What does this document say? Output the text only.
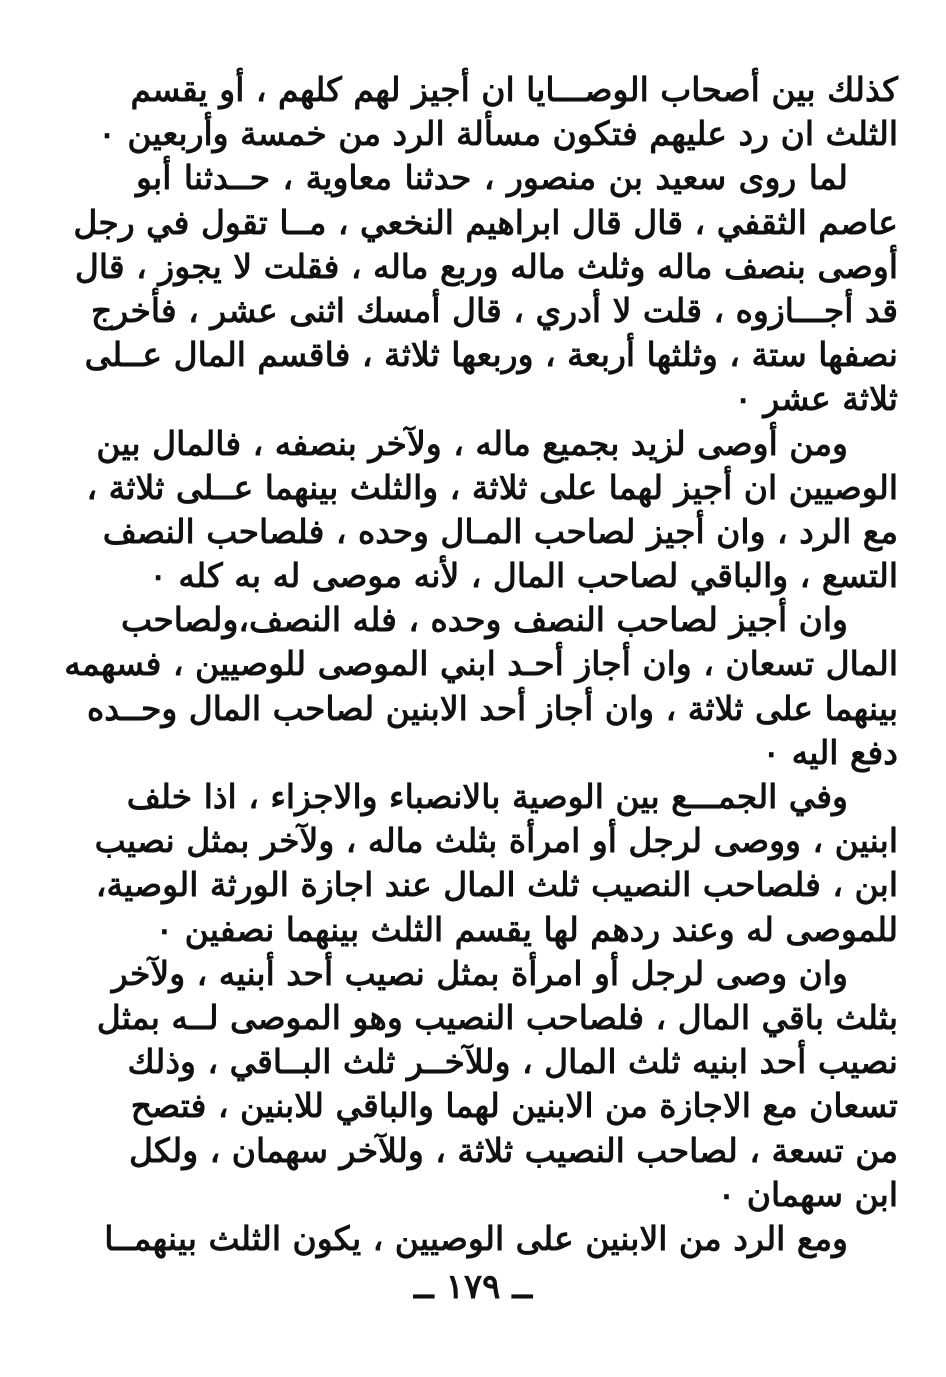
كذلك بين أصحاب الوصـــايا ان أجيز لهم كلهم ، أو يقسم
الثلث ان رد عليهم فتكون مسألة الرد من خمسة وأربعين ٠
لما روى سعيد بن منصور ، حدثنا معاوية ، حــدثنا أبو
عاصم الثقفي ، قال قال ابراهيم النخعي ، مــا تقول في رجل
أوصى بنصف ماله وثلث ماله وربع ماله ، فقلت لا يجوز ، قال
قد أجـــازوه ، قلت لا أدري ، قال أمسك اثنى عشر ، فأخرج
نصفها ستة ، وثلثها أربعة ، وربعها ثلاثة ، فاقسم المال عــلى
ثلاثة عشر ٠
ومن أوصى لزيد بجميع ماله ، ولآخر بنصفه ، فالمال بين
الوصيين ان أجيز لهما على ثلاثة ، والثلث بينهما عــلى ثلاثة ،
مع الرد ، وان أجيز لصاحب المـال وحده ، فلصاحب النصف
التسع ، والباقي لصاحب المال ، لأنه موصى له به كله ٠
وان أجيز لصاحب النصف وحده ، فله النصف،ولصاحب
المال تسعان ، وان أجاز أحـد ابني الموصى للوصيين ، فسهمه
بينهما على ثلاثة ، وان أجاز أحد الابنين لصاحب المال وحــده
دفع اليه ٠
وفي الجمـــع بين الوصية بالانصباء والاجزاء ، اذا خلف
ابنين ، ووصى لرجل أو امرأة بثلث ماله ، ولآخر بمثل نصيب
ابن ، فلصاحب النصيب ثلث المال عند اجازة الورثة الوصية،
للموصى له وعند ردهم لها يقسم الثلث بينهما نصفين ٠
وان وصى لرجل أو امرأة بمثل نصيب أحد أبنيه ، ولآخر
بثلث باقي المال ، فلصاحب النصيب وهو الموصى لــه بمثل
نصيب أحد ابنيه ثلث المال ، وللآخــر ثلث البــاقي ، وذلك
تسعان مع الاجازة من الابنين لهما والباقي للابنين ، فتصح
من تسعة ، لصاحب النصيب ثلاثة ، وللآخر سهمان ، ولكل
ابن سهمان ٠
ومع الرد من الابنين على الوصيين ، يكون الثلث بينهمــا
ــ ١٧٩ ــ
